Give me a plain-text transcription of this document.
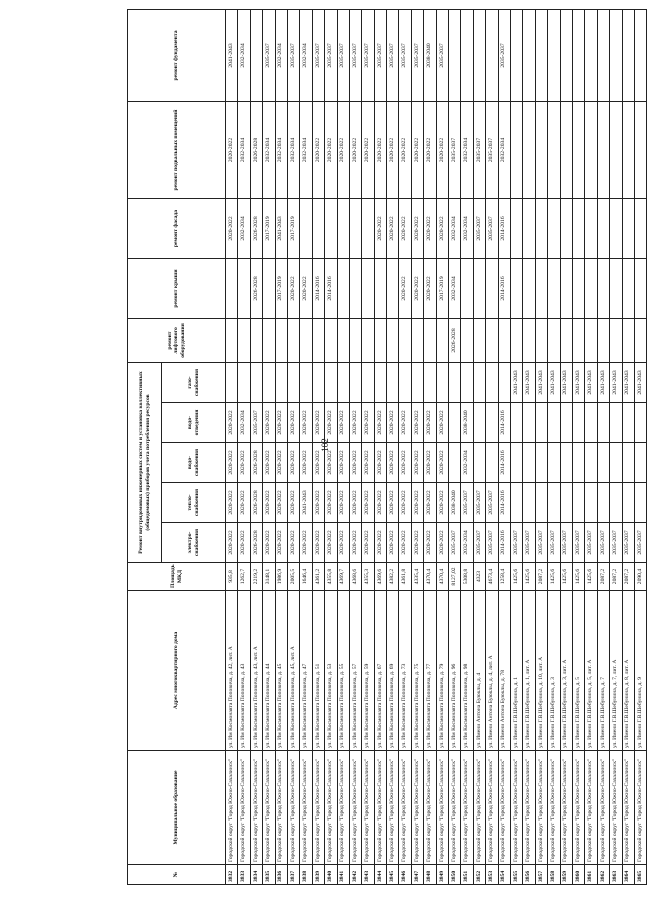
102
№	Муниципальное образование	Адрес многоквартирного дома	Площадь МКД	Ремонт внутридомовых инженерных систем и установка коллективных (общедомовых) приборов учета потребления ресурсов					ремонт лифтового оборудования	ремонт крыши	ремонт фасада	ремонт подвальных помещений	ремонт фундамента
				электро-снабжения	тепло-снабжения	водо-снабжения	водо-отведения	газо-снабжения					
3832	Городской округ "Город Южно-Сахалинск"	ул. Им Космонавта Поповича, д. 42, лит. А	935,8	2020-2022	2020-2022	2020-2022	2020-2022				2020-2022	2020-2022	2041-2043
3833	Городской округ "Город Южно-Сахалинск"	ул. Им Космонавта Поповича, д. 43	1262,7	2020-2022	2020-2022	2020-2022	2032-2034				2032-2034	2032-2034	2032-2034
3834	Городской округ "Город Южно-Сахалинск"	ул. Им Космонавта Поповича, д. 43, лит. А	2219,2	2026-2028	2026-2028	2026-2028	2035-2037			2026-2028	2026-2028	2026-2028	
3835	Городской округ "Город Южно-Сахалинск"	ул. Им Космонавта Поповича, д. 44	3148,1	2020-2022	2020-2022	2020-2022	2020-2022				2017-2019	2032-2034	2035-2037
3836	Городской округ "Город Южно-Сахалинск"	ул. Им Космонавта Поповича, д. 45	1986,9	2020-2022	2020-2022	2020-2022	2020-2022			2017-2019	2041-2043	2032-2034	2032-2034
3837	Городской округ "Город Южно-Сахалинск"	ул. Им Космонавта Поповича, д. 45, лит. А	2005,5	2020-2022	2020-2022	2020-2022	2020-2022			2020-2022	2017-2019	2032-2034	2035-2037
3838	Городской округ "Город Южно-Сахалинск"	ул. Им Космонавта Поповича, д. 47	1646,4	2020-2022	2041-2043	2020-2022	2020-2022			2020-2022		2032-2034	2032-2034
3839	Городской округ "Город Южно-Сахалинск"	ул. Им Космонавта Поповича, д. 51	4361,2	2020-2022	2020-2022	2020-2022	2020-2022			2014-2016		2020-2022	2035-2037
3840	Городской округ "Город Южно-Сахалинск"	ул. Им Космонавта Поповича, д. 53	4355,8	2020-2022	2020-2022	2020-2022	2020-2022			2014-2016		2020-2022	2035-2037
3841	Городской округ "Город Южно-Сахалинск"	ул. Им Космонавта Поповича, д. 55	4369,7	2020-2022	2020-2022	2020-2022	2020-2022					2020-2022	2035-2037
3842	Городской округ "Город Южно-Сахалинск"	ул. Им Космонавта Поповича, д. 57	4368,6	2020-2022	2020-2022	2020-2022	2020-2022					2020-2022	2035-2037
3843	Городской округ "Город Южно-Сахалинск"	ул. Им Космонавта Поповича, д. 59	4355,3	2020-2022	2020-2022	2020-2022	2020-2022					2020-2022	2035-2037
3844	Городской округ "Город Южно-Сахалинск"	ул. Им Космонавта Поповича, д. 67	4369,6	2020-2022	2020-2022	2020-2022	2020-2022				2020-2022	2020-2022	2035-2037
3845	Городской округ "Город Южно-Сахалинск"	ул. Им Космонавта Поповича, д. 69	4382,2	2020-2022	2020-2022	2020-2022	2020-2022				2020-2022	2020-2022	2035-2037
3846	Городской округ "Город Южно-Сахалинск"	ул. Им Космонавта Поповича, д. 73	4361,8	2020-2022	2020-2022	2020-2022	2020-2022			2020-2022	2020-2022	2020-2022	2035-2037
3847	Городской округ "Город Южно-Сахалинск"	ул. Им Космонавта Поповича, д. 75	4335,4	2020-2022	2020-2022	2020-2022	2020-2022			2020-2022	2020-2022	2020-2022	2035-2037
3848	Городской округ "Город Южно-Сахалинск"	ул. Им Космонавта Поповича, д. 77	4370,4	2020-2022	2020-2022	2020-2022	2020-2022			2020-2022	2020-2022	2020-2022	2038-2040
3849	Городской округ "Город Южно-Сахалинск"	ул. Им Космонавта Поповича, д. 79	4370,4	2020-2022	2020-2022	2020-2022	2020-2022			2017-2019	2020-2022	2020-2022	2035-2037
3850	Городской округ "Город Южно-Сахалинск"	ул. Им Космонавта Поповича, д. 96	8127,02	2035-2037	2038-2040				2026-2028	2032-2034	2032-2034	2035-2037	
3851	Городской округ "Город Южно-Сахалинск"	ул. Им Космонавта Поповича, д. 98	5308,8	2032-2034	2035-2037	2032-2034	2038-2040				2032-2034	2032-2034	
3852	Городской округ "Город Южно-Сахалинск"	ул. Имени Антона Буюклы, д. 4	4323	2035-2037	2035-2037						2035-2037	2035-2037	
3853	Городской округ "Город Южно-Сахалинск"	ул. Имени Антона Буюклы, д. 4, лит. А	4673,4	2035-2037	2035-2037						2035-2037	2035-2037	
3854	Городской округ "Город Южно-Сахалинск"	ул. Имени Антона Буюклы, д. 78	1258,4	2014-2016	2014-2016	2014-2016	2014-2016			2014-2016	2014-2016	2032-2034	2035-2037
3855	Городской округ "Город Южно-Сахалинск"	ул. Имени Г.В.Шебунина, д. 1	1425,6	2035-2037				2041-2043					
3856	Городской округ "Город Южно-Сахалинск"	ул. Имени Г.В.Шебунина, д. 1, лит. А	1425,6	2035-2037				2041-2043					
3857	Городской округ "Город Южно-Сахалинск"	ул. Имени Г.В.Шебунина, д. 10, лит. А	2087,2	2035-2037				2041-2043					
3858	Городской округ "Город Южно-Сахалинск"	ул. Имени Г.В.Шебунина, д. 3	1425,6	2035-2037				2041-2043					
3859	Городской округ "Город Южно-Сахалинск"	ул. Имени Г.В.Шебунина, д. 3, лит. А	1425,6	2035-2037				2041-2043					
3860	Городской округ "Город Южно-Сахалинск"	ул. Имени Г.В.Шебунина, д. 5	1425,6	2035-2037				2041-2043					
3861	Городской округ "Город Южно-Сахалинск"	ул. Имени Г.В.Шебунина, д. 5, лит. А	1425,6	2035-2037				2041-2043					
3862	Городской округ "Город Южно-Сахалинск"	ул. Имени Г.В.Шебунина, д. 7	2087,2	2035-2037				2041-2043					
3863	Городской округ "Город Южно-Сахалинск"	ул. Имени Г.В.Шебунина, д. 7, лит. А	2087,2	2035-2037				2041-2043					
3864	Городской округ "Город Южно-Сахалинск"	ул. Имени Г.В.Шебунина, д. 8, лит. А	2087,2	2035-2037				2041-2043					
3865	Городской округ "Город Южно-Сахалинск"	ул. Имени Г.В.Шебунина, д. 9	2090,4	2035-2037				2041-2043					
